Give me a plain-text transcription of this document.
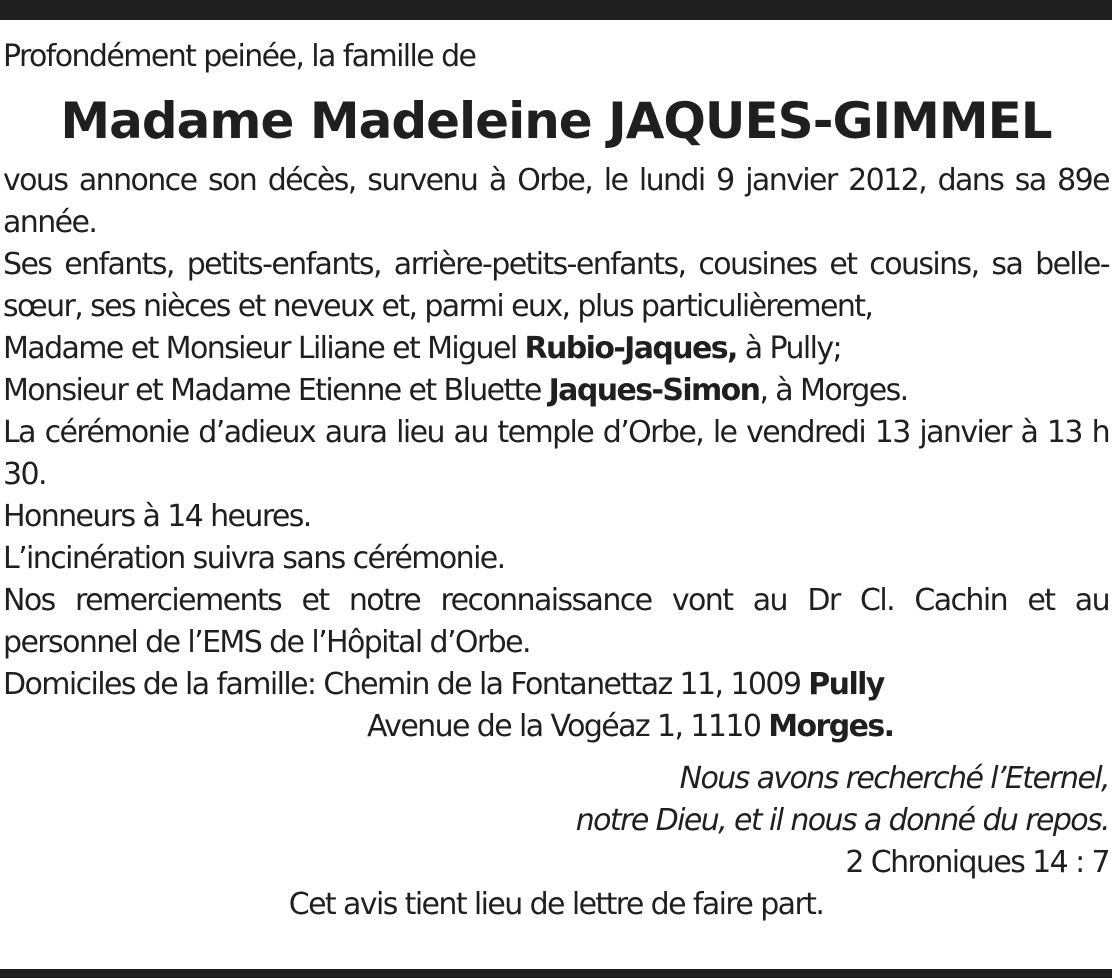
Profondément peinée, la famille de

Madame Madeleine JAQUES-GIMMEL

vous annonce son décès, survenu à Orbe, le lundi 9 janvier 2012, dans sa 89e année.

Ses enfants, petits-enfants, arrière-petits-enfants, cousines et cousins, sa belle-sœur, ses nièces et neveux et, parmi eux, plus particulièrement,

Madame et Monsieur Liliane et Miguel Rubio-Jaques, à Pully;

Monsieur et Madame Etienne et Bluette Jaques-Simon, à Morges.

La cérémonie d’adieux aura lieu au temple d’Orbe, le vendredi 13 janvier à 13 h 30.

Honneurs à 14 heures.

L’incinération suivra sans cérémonie.

Nos remerciements et notre reconnaissance vont au Dr Cl. Cachin et au personnel de l’EMS de l’Hôpital d’Orbe.

Domiciles de la famille: Chemin de la Fontanettaz 11, 1009 Pully
Avenue de la Vogéaz 1, 1110 Morges.

Nous avons recherché l’Eternel,
notre Dieu, et il nous a donné du repos.
2 Chroniques 14 : 7

Cet avis tient lieu de lettre de faire part.
